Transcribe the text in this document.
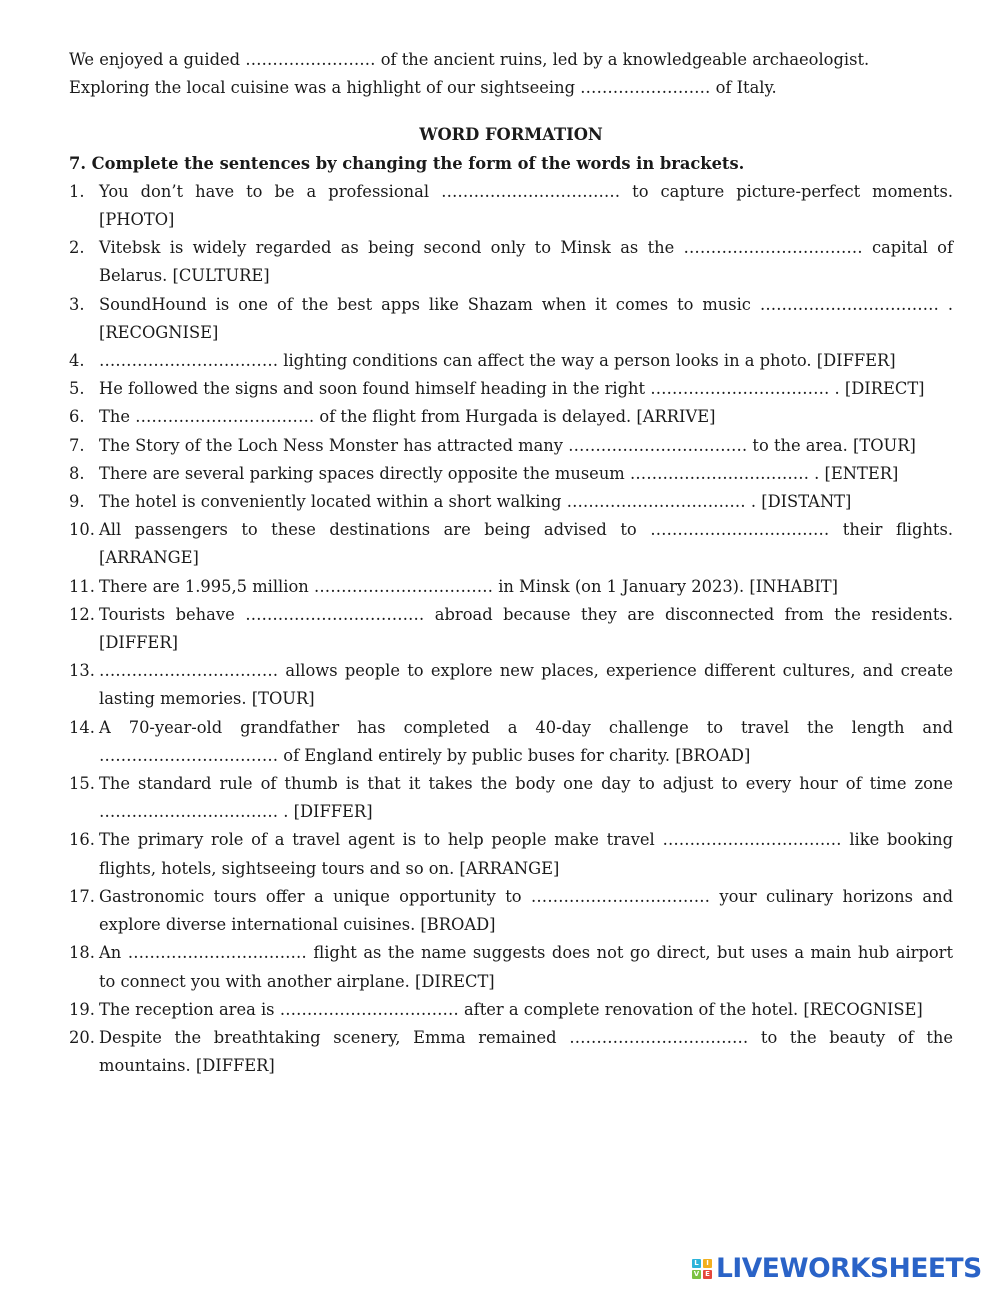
We enjoyed a guided …………………… of the ancient ruins, led by a knowledgeable archaeologist.
Exploring the local cuisine was a highlight of our sightseeing …………………… of Italy.
WORD FORMATION
7. Complete the sentences by changing the form of the words in brackets.
1. You don’t have to be a professional …………………………… to capture picture-perfect moments. [PHOTO]
2. Vitebsk is widely regarded as being second only to Minsk as the …………………………… capital of Belarus. [CULTURE]
3. SoundHound is one of the best apps like Shazam when it comes to music …………………………… . [RECOGNISE]
4. …………………………… lighting conditions can affect the way a person looks in a photo. [DIFFER]
5. He followed the signs and soon found himself heading in the right …………………………… . [DIRECT]
6. The …………………………… of the flight from Hurgada is delayed. [ARRIVE]
7. The Story of the Loch Ness Monster has attracted many …………………………… to the area. [TOUR]
8. There are several parking spaces directly opposite the museum …………………………… . [ENTER]
9. The hotel is conveniently located within a short walking …………………………… . [DISTANT]
10. All passengers to these destinations are being advised to …………………………… their flights. [ARRANGE]
11. There are 1.995,5 million …………………………… in Minsk (on 1 January 2023). [INHABIT]
12. Tourists behave …………………………… abroad because they are disconnected from the residents. [DIFFER]
13. …………………………… allows people to explore new places, experience different cultures, and create lasting memories. [TOUR]
14. A 70-year-old grandfather has completed a 40-day challenge to travel the length and …………………………… of England entirely by public buses for charity. [BROAD]
15. The standard rule of thumb is that it takes the body one day to adjust to every hour of time zone …………………………… . [DIFFER]
16. The primary role of a travel agent is to help people make travel …………………………… like booking flights, hotels, sightseeing tours and so on. [ARRANGE]
17. Gastronomic tours offer a unique opportunity to …………………………… your culinary horizons and explore diverse international cuisines. [BROAD]
18. An …………………………… flight as the name suggests does not go direct, but uses a main hub airport to connect you with another airplane. [DIRECT]
19. The reception area is …………………………… after a complete renovation of the hotel. [RECOGNISE]
20. Despite the breathtaking scenery, Emma remained …………………………… to the beauty of the mountains. [DIFFER]
L	I
V E LIVEWORKSHEETS
